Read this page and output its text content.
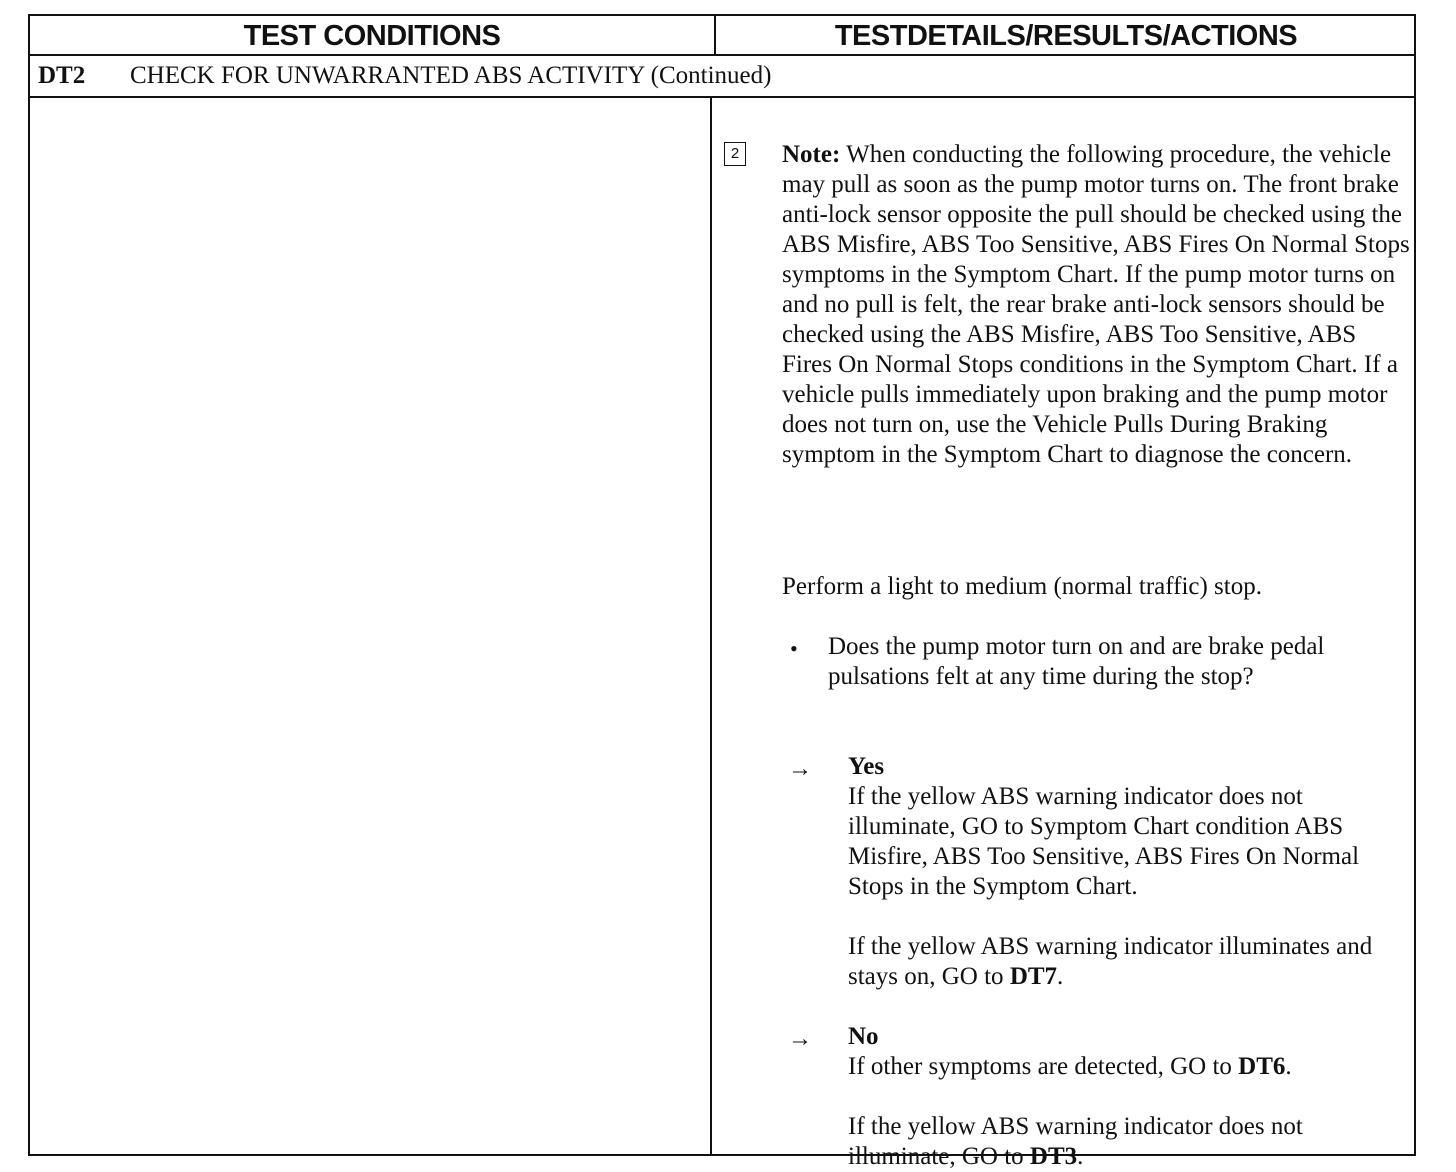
TEST CONDITIONS	TESTDETAILS/RESULTS/ACTIONS
DT2 CHECK FOR UNWARRANTED ABS ACTIVITY (Continued)
2 Note: When conducting the following procedure, the vehicle may pull as soon as the pump motor turns on. The front brake anti-lock sensor opposite the pull should be checked using the ABS Misfire, ABS Too Sensitive, ABS Fires On Normal Stops symptoms in the Symptom Chart. If the pump motor turns on and no pull is felt, the rear brake anti-lock sensors should be checked using the ABS Misfire, ABS Too Sensitive, ABS Fires On Normal Stops conditions in the Symptom Chart. If a vehicle pulls immediately upon braking and the pump motor does not turn on, use the Vehicle Pulls During Braking symptom in the Symptom Chart to diagnose the concern.

Perform a light to medium (normal traffic) stop.

• Does the pump motor turn on and are brake pedal pulsations felt at any time during the stop?

→ Yes

If the yellow ABS warning indicator does not illuminate, GO to Symptom Chart condition ABS Misfire, ABS Too Sensitive, ABS Fires On Normal Stops in the Symptom Chart.

If the yellow ABS warning indicator illuminates and stays on, GO to DT7.

→ No

If other symptoms are detected, GO to DT6.

If the yellow ABS warning indicator does not illuminate, GO to DT3.
